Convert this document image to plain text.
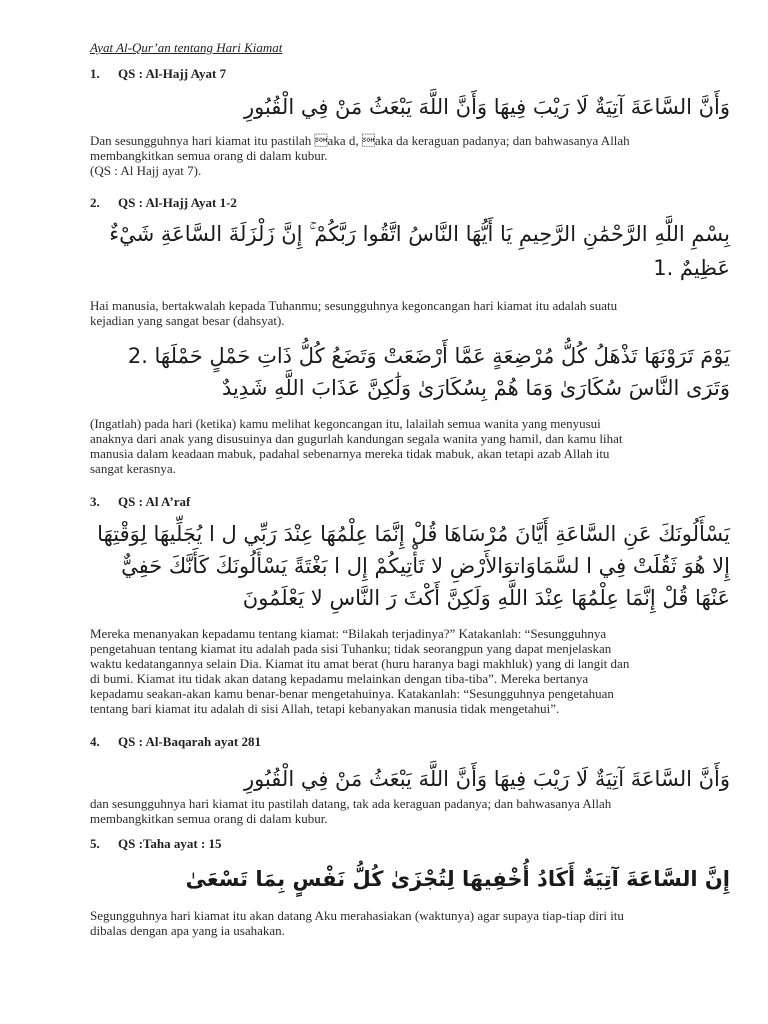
Ayat Al-Qur’an tentang Hari Kiamat

1.	QS : Al-Hajj Ayat 7

وَأَنَّ السَّاعَةَ آتِيَةٌ لَا رَيْبَ فِيهَا وَأَنَّ اللَّهَ يَبْعَثُ مَنْ فِي الْقُبُورِ

Dan sesungguhnya hari kiamat itu pastilah aka d, aka da keraguan padanya; dan bahwasanya Allah
membangkitkan semua orang di dalam kubur.
(QS : Al Hajj ayat 7).

2.	QS : Al-Hajj Ayat 1-2

بِسْمِ اللَّهِ الرَّحْمَٰنِ الرَّحِيمِ يَا أَيُّهَا النَّاسُ اتَّقُوا رَبَّكُمْ ۚ إِنَّ زَلْزَلَةَ السَّاعَةِ شَيْءٌ عَظِيمٌ .1

Hai manusia, bertakwalah kepada Tuhanmu; sesungguhnya kegoncangan hari kiamat itu adalah suatu
kejadian yang sangat besar (dahsyat).

يَوْمَ تَرَوْنَهَا تَذْهَلُ كُلُّ مُرْضِعَةٍ عَمَّا أَرْضَعَتْ وَتَضَعُ كُلُّ ذَاتِ حَمْلٍ حَمْلَهَا .2 وَتَرَى النَّاسَ سُكَارَىٰ وَمَا هُمْ بِسُكَارَىٰ وَلَٰكِنَّ عَذَابَ اللَّهِ شَدِيدٌ

(Ingatlah) pada hari (ketika) kamu melihat kegoncangan itu, lalailah semua wanita yang menyusui
anaknya dari anak yang disusuinya dan gugurlah kandungan segala wanita yang hamil, dan kamu lihat
manusia dalam keadaan mabuk, padahal sebenarnya mereka tidak mabuk, akan tetapi azab Allah itu
sangat kerasnya.

3.	QS : Al A’raf

يَسْأَلُونَكَ عَنِ السَّاعَةِ أَيَّانَ مُرْسَاهَا قُلْ إِنَّمَا عِلْمُهَا عِنْدَ رَبِّي ل ا يُجَلِّيهَا لِوَقْتِهَا إِلا هُوَ ثَقُلَتْ فِي ا لسَّمَاوَاتوَالأَرْضِ لا تَأْتِيكُمْ إِل ا بَغْتَةً يَسْأَلُونَكَ كَأَنَّكَ حَفِيٌّ عَنْهَا قُلْ إِنَّمَا عِلْمُهَا عِنْدَ اللَّهِ وَلَكِنَّ أَكْثَ رَ النَّاسِ لا يَعْلَمُونَ

Mereka menanyakan kepadamu tentang kiamat: “Bilakah terjadinya?” Katakanlah: “Sesungguhnya
pengetahuan tentang kiamat itu adalah pada sisi Tuhanku; tidak seorangpun yang dapat menjelaskan
waktu kedatangannya selain Dia. Kiamat itu amat berat (huru haranya bagi makhluk) yang di langit dan
di bumi. Kiamat itu tidak akan datang kepadamu melainkan dengan tiba-tiba”. Mereka bertanya
kepadamu seakan-akan kamu benar-benar mengetahuinya. Katakanlah: “Sesungguhnya pengetahuan
tentang bari kiamat itu adalah di sisi Allah, tetapi kebanyakan manusia tidak mengetahui”.

4.	QS : Al-Baqarah ayat 281

وَأَنَّ السَّاعَةَ آتِيَةٌ لَا رَيْبَ فِيهَا وَأَنَّ اللَّهَ يَبْعَثُ مَنْ فِي الْقُبُورِ

dan sesungguhnya hari kiamat itu pastilah datang, tak ada keraguan padanya; dan bahwasanya Allah
membangkitkan semua orang di dalam kubur.

5.	QS :Taha ayat : 15

إِنَّ السَّاعَةَ آتِيَةٌ أَكَادُ أُخْفِيهَا لِتُجْزَىٰ كُلُّ نَفْسٍ بِمَا تَسْعَىٰ

Segungguhnya hari kiamat itu akan datang Aku merahasiakan (waktunya) agar supaya tiap-tiap diri itu
dibalas dengan apa yang ia usahakan.
